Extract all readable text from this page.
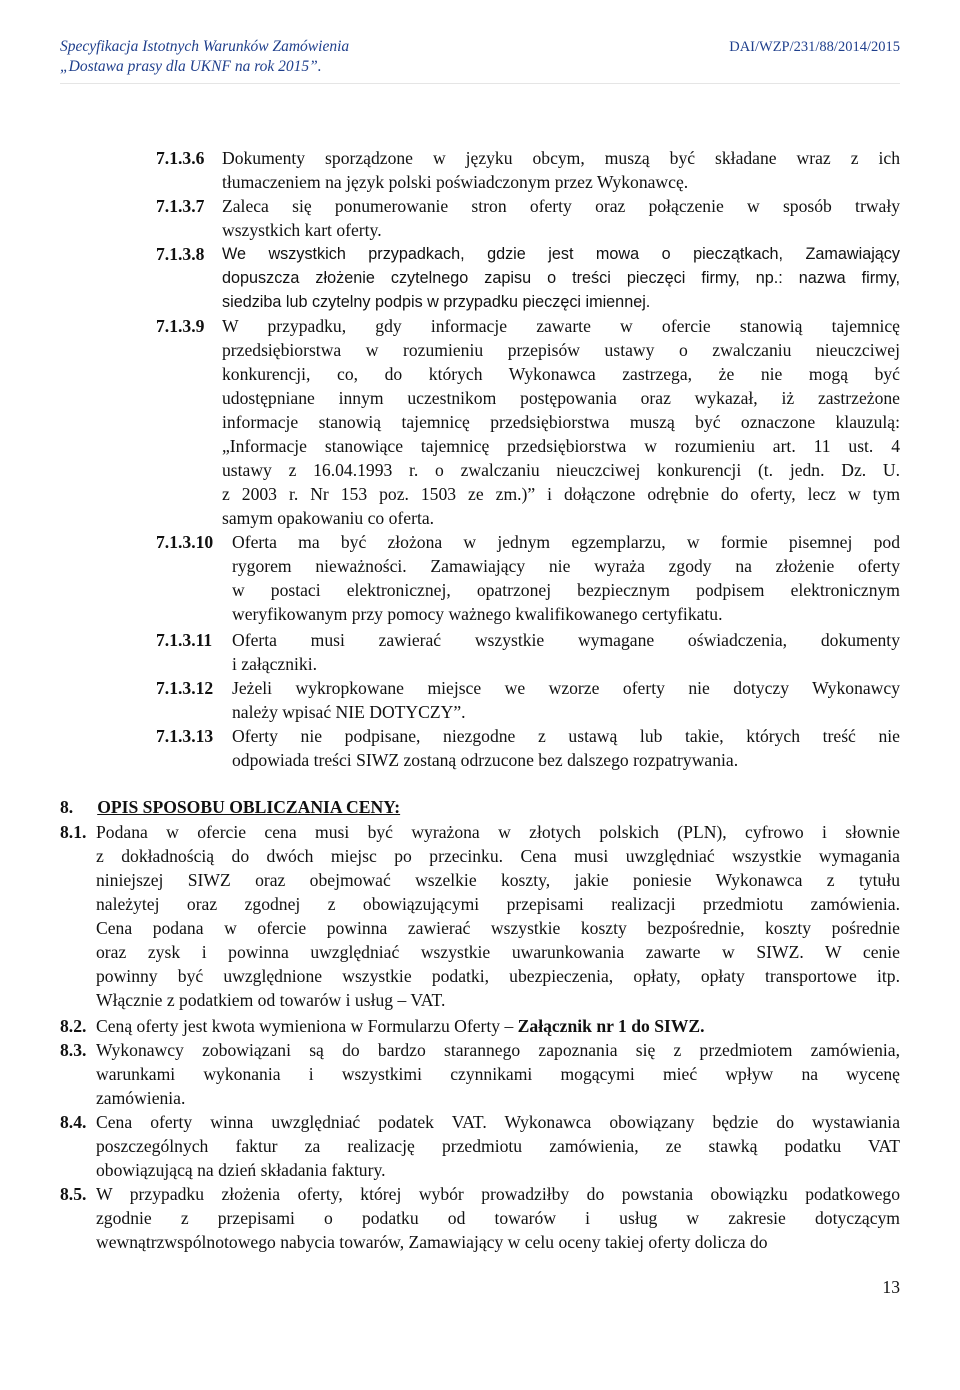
Specyfikacja Istotnych Warunków Zamówienia
„Dostawa prasy dla UKNF na rok 2015”.
DAI/WZP/231/88/2014/2015
7.1.3.6	Dokumenty sporządzone w języku obcym, muszą być składane wraz z ich
tłumaczeniem na język polski poświadczonym przez Wykonawcę.
7.1.3.7	Zaleca się ponumerowanie stron oferty oraz połączenie w sposób trwały
wszystkich kart oferty.
7.1.3.8	We wszystkich przypadkach, gdzie jest mowa o pieczątkach, Zamawiający
dopuszcza złożenie czytelnego zapisu o treści pieczęci firmy, np.: nazwa firmy,
siedziba lub czytelny podpis w przypadku pieczęci imiennej.
7.1.3.9	W przypadku, gdy informacje zawarte w ofercie stanowią tajemnicę
przedsiębiorstwa w rozumieniu przepisów ustawy o zwalczaniu nieuczciwej
konkurencji, co, do których Wykonawca zastrzega, że nie mogą być
udostępniane innym uczestnikom postępowania oraz wykazał, iż zastrzeżone
informacje stanowią tajemnicę przedsiębiorstwa muszą być oznaczone klauzulą:
„Informacje stanowiące tajemnicę przedsiębiorstwa w rozumieniu art. 11 ust. 4
ustawy z 16.04.1993 r. o zwalczaniu nieuczciwej konkurencji (t. jedn. Dz. U.
z 2003 r. Nr 153 poz. 1503 ze zm.)” i dołączone odrębnie do oferty, lecz w tym
samym opakowaniu co oferta.
7.1.3.10	Oferta ma być złożona w jednym egzemplarzu, w formie pisemnej pod
rygorem nieważności. Zamawiający nie wyraża zgody na złożenie oferty
w postaci elektronicznej, opatrzonej bezpiecznym podpisem elektronicznym
weryfikowanym przy pomocy ważnego kwalifikowanego certyfikatu.
7.1.3.11	Oferta musi zawierać wszystkie wymagane oświadczenia, dokumenty
i załączniki.
7.1.3.12	Jeżeli wykropkowane miejsce we wzorze oferty nie dotyczy Wykonawcy
należy wpisać NIE DOTYCZY”.
7.1.3.13	Oferty nie podpisane, niezgodne z ustawą lub takie, których treść nie
odpowiada treści SIWZ zostaną odrzucone bez dalszego rozpatrywania.
8. OPIS SPOSOBU OBLICZANIA CENY:
8.1. Podana w ofercie cena musi być wyrażona w złotych polskich (PLN), cyfrowo i słownie
z dokładnością do dwóch miejsc po przecinku. Cena musi uwzględniać wszystkie wymagania
niniejszej SIWZ oraz obejmować wszelkie koszty, jakie poniesie Wykonawca z tytułu
należytej oraz zgodnej z obowiązującymi przepisami realizacji przedmiotu zamówienia.
Cena podana w ofercie powinna zawierać wszystkie koszty bezpośrednie, koszty pośrednie
oraz zysk i powinna uwzględniać wszystkie uwarunkowania zawarte w SIWZ. W cenie
powinny być uwzględnione wszystkie podatki, ubezpieczenia, opłaty, opłaty transportowe itp.
Włącznie z podatkiem od towarów i usług – VAT.
8.2. Ceną oferty jest kwota wymieniona w Formularzu Oferty – Załącznik nr 1 do SIWZ.
8.3. Wykonawcy zobowiązani są do bardzo starannego zapoznania się z przedmiotem zamówienia,
warunkami wykonania i wszystkimi czynnikami mogącymi mieć wpływ na wycenę
zamówienia.
8.4. Cena oferty winna uwzględniać podatek VAT. Wykonawca obowiązany będzie do wystawiania
poszczególnych faktur za realizację przedmiotu zamówienia, ze stawką podatku VAT
obowiązującą na dzień składania faktury.
8.5. W przypadku złożenia oferty, której wybór prowadziłby do powstania obowiązku podatkowego
zgodnie z przepisami o podatku od towarów i usług w zakresie dotyczącym
wewnątrzwspólnotowego nabycia towarów, Zamawiający w celu oceny takiej oferty dolicza do
13
